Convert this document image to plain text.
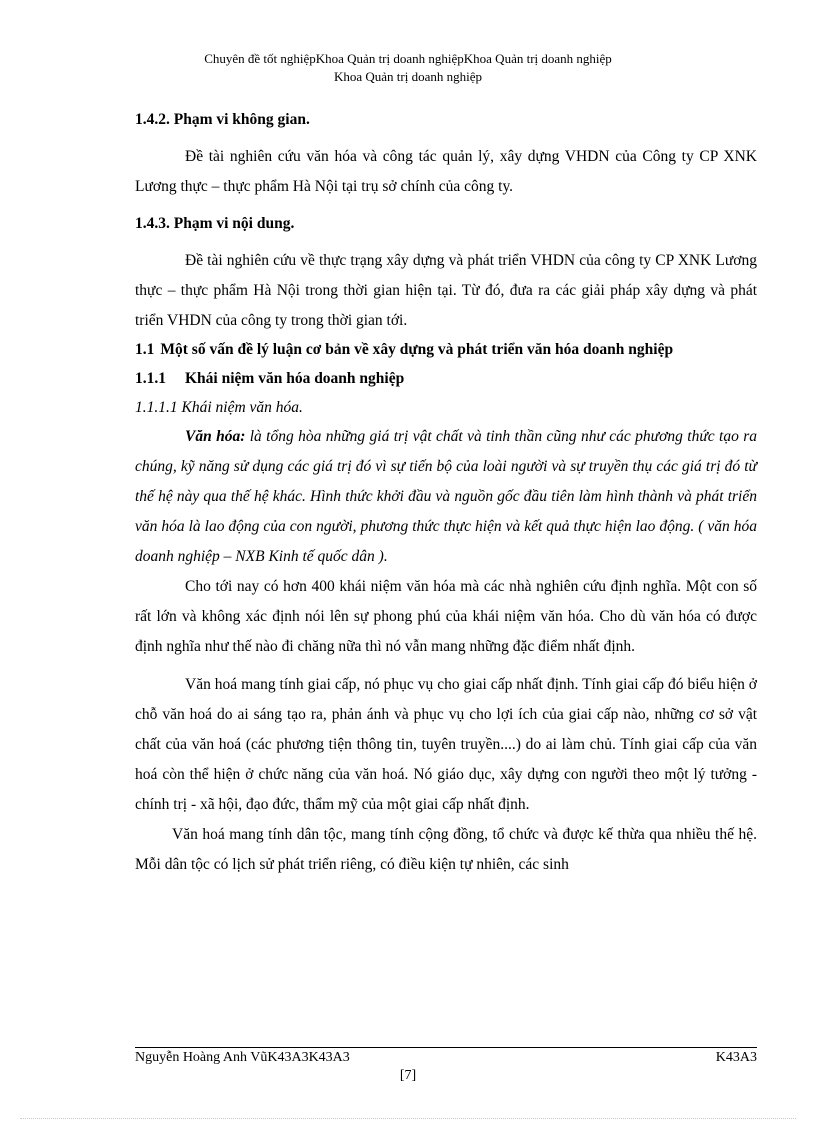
Chuyên đề tốt nghiệpKhoa Quản trị doanh nghiệpKhoa Quản trị doanh nghiệp
Khoa Quản trị doanh nghiệp
1.4.2. Phạm vi không gian.

Đề tài nghiên cứu văn hóa và công tác quản lý, xây dựng VHDN của Công ty CP XNK Lương thực – thực phẩm Hà Nội tại trụ sở chính của công ty.

1.4.3. Phạm vi nội dung.

Đề tài nghiên cứu về thực trạng xây dựng và phát triển VHDN của công ty CP XNK Lương thực – thực phẩm Hà Nội trong thời gian hiện tại. Từ đó, đưa ra các giải pháp xây dựng và phát triển VHDN của công ty trong thời gian tới.

1.1 Một số vấn đề lý luận cơ bản về xây dựng và phát triển văn hóa doanh nghiệp
1.1.1 Khái niệm văn hóa doanh nghiệp
1.1.1.1 Khái niệm văn hóa.

Văn hóa: là tổng hòa những giá trị vật chất và tinh thần cũng như các phương thức tạo ra chúng, kỹ năng sử dụng các giá trị đó vì sự tiến bộ của loài người và sự truyền thụ các giá trị đó từ thế hệ này qua thế hệ khác. Hình thức khởi đầu và nguồn gốc đầu tiên làm hình thành và phát triển văn hóa là lao động của con người, phương thức thực hiện và kết quả thực hiện lao động. ( văn hóa doanh nghiệp – NXB Kinh tế quốc dân ).

Cho tới nay có hơn 400 khái niệm văn hóa mà các nhà nghiên cứu định nghĩa. Một con số rất lớn và không xác định nói lên sự phong phú của khái niệm văn hóa. Cho dù văn hóa có được định nghĩa như thế nào đi chăng nữa thì nó vẫn mang những đặc điểm nhất định.

Văn hoá mang tính giai cấp, nó phục vụ cho giai cấp nhất định. Tính giai cấp đó biểu hiện ở chỗ văn hoá do ai sáng tạo ra, phản ánh và phục vụ cho lợi ích của giai cấp nào, những cơ sở vật chất của văn hoá (các phương tiện thông tin, tuyên truyền....) do ai làm chủ. Tính giai cấp của văn hoá còn thể hiện ở chức năng của văn hoá. Nó giáo dục, xây dựng con người theo một lý tưởng - chính trị - xã hội, đạo đức, thẩm mỹ của một giai cấp nhất định.

Văn hoá mang tính dân tộc, mang tính cộng đồng, tổ chức và được kế thừa qua nhiều thế hệ. Mỗi dân tộc có lịch sử phát triển riêng, có điều kiện tự nhiên, các sinh

Nguyễn Hoàng Anh VũK43A3K43A3	K43A3
[7]
